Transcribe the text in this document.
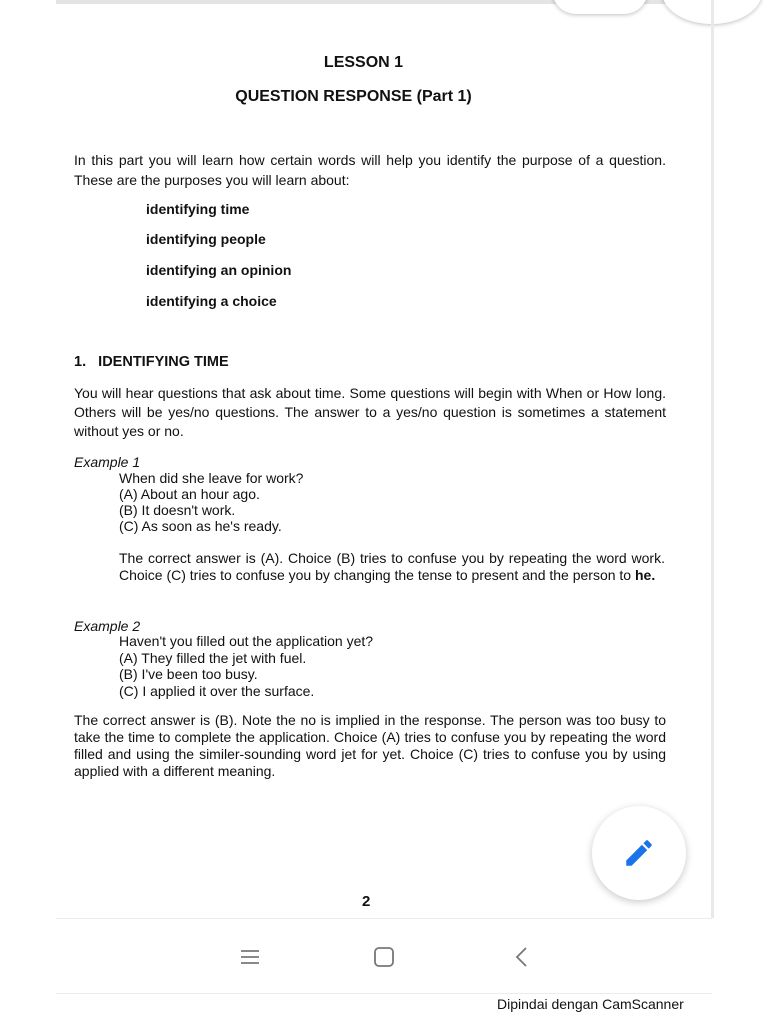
LESSON 1
QUESTION RESPONSE (Part 1)
In this part you will learn how certain words will help you identify the purpose of a question. These are the purposes you will learn about:
identifying time
identifying people
identifying an opinion
identifying a choice
1.   IDENTIFYING TIME
You will hear questions that ask about time. Some questions will begin with When or How long. Others will be yes/no questions. The answer to a yes/no question is sometimes a statement without yes or no.
Example 1
When did she leave for work?
(A) About an hour ago.
(B) It doesn't work.
(C) As soon as he's ready.
The correct answer is (A). Choice (B) tries to confuse you by repeating the word work. Choice (C) tries to confuse you by changing the tense to present and the person to he.
Example 2
Haven't you filled out the application yet?
(A) They filled the jet with fuel.
(B) I've been too busy.
(C) I applied it over the surface.
The correct answer is (B). Note the no is implied in the response. The person was too busy to take the time to complete the application. Choice (A) tries to confuse you by repeating the word filled and using the similer-sounding word jet for yet. Choice (C) tries to confuse you by using applied with a different meaning.
2
Dipindai dengan CamScanner
